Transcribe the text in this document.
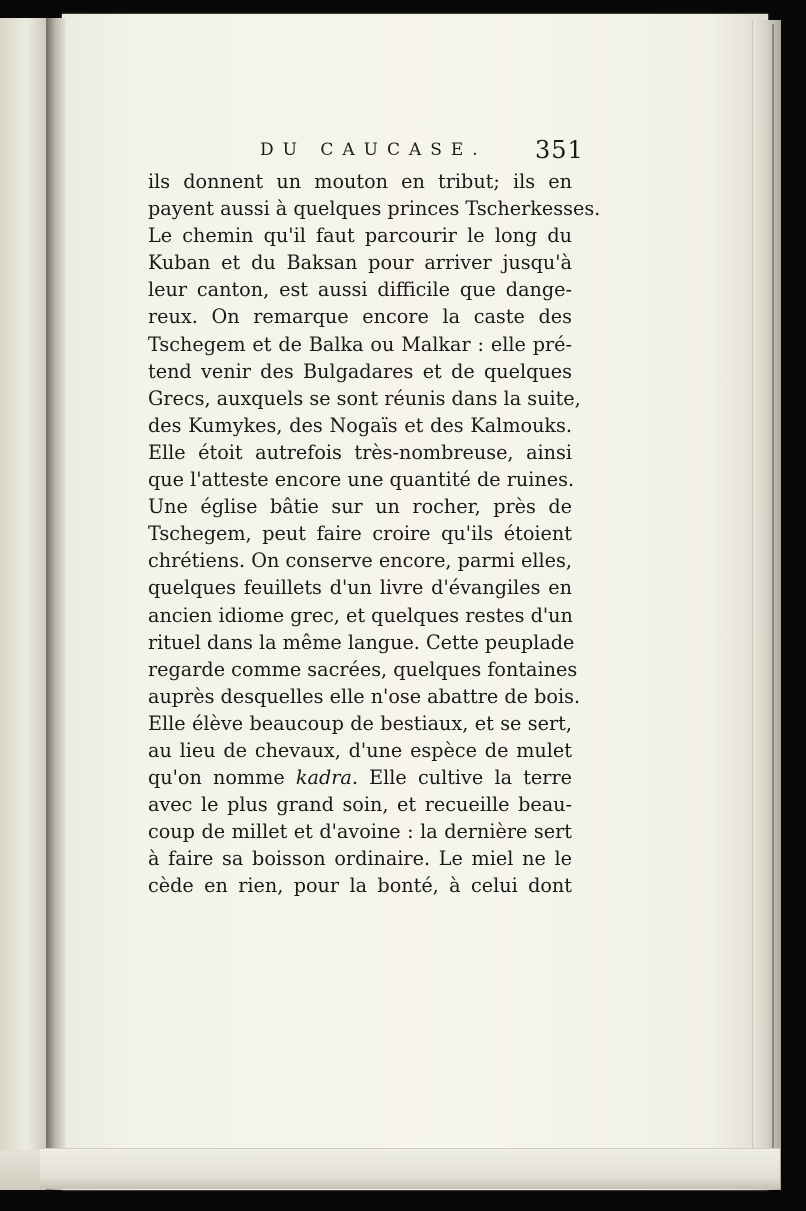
DU CAUCASE. 351
ils donnent un mouton en tribut; ils en
payent aussi à quelques princes Tscherkesses.
Le chemin qu'il faut parcourir le long du
Kuban et du Baksan pour arriver jusqu'à
leur canton, est aussi difficile que dange-
reux. On remarque encore la caste des
Tschegem et de Balka ou Malkar : elle pré-
tend venir des Bulgadares et de quelques
Grecs, auxquels se sont réunis dans la suite,
des Kumykes, des Nogaïs et des Kalmouks.
Elle étoit autrefois très-nombreuse, ainsi
que l'atteste encore une quantité de ruines.
Une église bâtie sur un rocher, près de
Tschegem, peut faire croire qu'ils étoient
chrétiens. On conserve encore, parmi elles,
quelques feuillets d'un livre d'évangiles en
ancien idiome grec, et quelques restes d'un
rituel dans la même langue. Cette peuplade
regarde comme sacrées, quelques fontaines
auprès desquelles elle n'ose abattre de bois.
Elle élève beaucoup de bestiaux, et se sert,
au lieu de chevaux, d'une espèce de mulet
qu'on nomme kadra. Elle cultive la terre
avec le plus grand soin, et recueille beau-
coup de millet et d'avoine : la dernière sert
à faire sa boisson ordinaire. Le miel ne le
cède en rien, pour la bonté, à celui dont
